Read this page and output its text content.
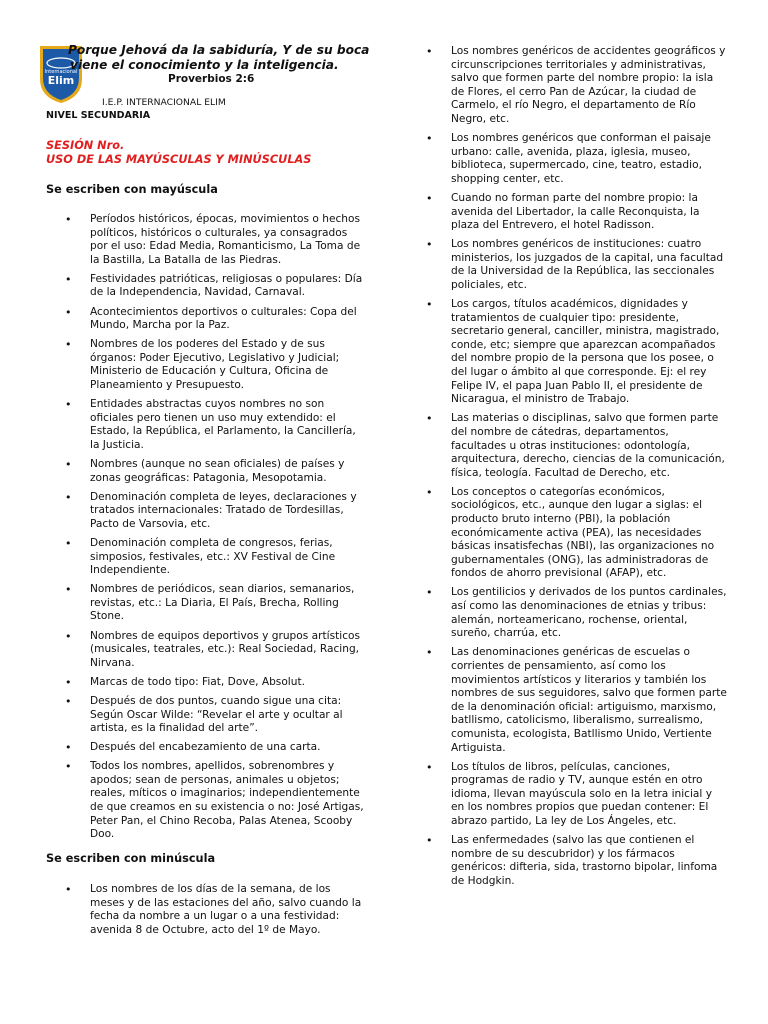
Internacional
Elim
Porque Jehová da la sabiduría, Y de su boca
viene el conocimiento y la inteligencia.
Proverbios 2:6
I.E.P. INTERNACIONAL ELIM
NIVEL SECUNDARIA
SESIÓN Nro.
USO DE LAS MAYÚSCULAS Y MINÚSCULAS
Se escriben con mayúscula
• Períodos históricos, épocas, movimientos o hechos políticos, históricos o culturales, ya consagrados por el uso: Edad Media, Romanticismo, La Toma de la Bastilla, La Batalla de las Piedras.
• Festividades patrióticas, religiosas o populares: Día de la Independencia, Navidad, Carnaval.
• Acontecimientos deportivos o culturales: Copa del Mundo, Marcha por la Paz.
• Nombres de los poderes del Estado y de sus órganos: Poder Ejecutivo, Legislativo y Judicial; Ministerio de Educación y Cultura, Oficina de Planeamiento y Presupuesto.
• Entidades abstractas cuyos nombres no son oficiales pero tienen un uso muy extendido: el Estado, la República, el Parlamento, la Cancillería, la Justicia.
• Nombres (aunque no sean oficiales) de países y zonas geográficas: Patagonia, Mesopotamia.
• Denominación completa de leyes, declaraciones y tratados internacionales: Tratado de Tordesillas, Pacto de Varsovia, etc.
• Denominación completa de congresos, ferias, simposios, festivales, etc.: XV Festival de Cine Independiente.
• Nombres de periódicos, sean diarios, semanarios, revistas, etc.: La Diaria, El País, Brecha, Rolling Stone.
• Nombres de equipos deportivos y grupos artísticos (musicales, teatrales, etc.): Real Sociedad, Racing, Nirvana.
• Marcas de todo tipo: Fiat, Dove, Absolut.
• Después de dos puntos, cuando sigue una cita: Según Oscar Wilde: “Revelar el arte y ocultar al artista, es la finalidad del arte”.
• Después del encabezamiento de una carta.
• Todos los nombres, apellidos, sobrenombres y apodos; sean de personas, animales u objetos; reales, míticos o imaginarios; independientemente de que creamos en su existencia o no: José Artigas, Peter Pan, el Chino Recoba, Palas Atenea, Scooby Doo.
Se escriben con minúscula
• Los nombres de los días de la semana, de los meses y de las estaciones del año, salvo cuando la fecha da nombre a un lugar o a una festividad: avenida 8 de Octubre, acto del 1º de Mayo.
• Los nombres genéricos de accidentes geográficos y circunscripciones territoriales y administrativas, salvo que formen parte del nombre propio: la isla de Flores, el cerro Pan de Azúcar, la ciudad de Carmelo, el río Negro, el departamento de Río Negro, etc.
• Los nombres genéricos que conforman el paisaje urbano: calle, avenida, plaza, iglesia, museo, biblioteca, supermercado, cine, teatro, estadio, shopping center, etc.
• Cuando no forman parte del nombre propio: la avenida del Libertador, la calle Reconquista, la plaza del Entrevero, el hotel Radisson.
• Los nombres genéricos de instituciones: cuatro ministerios, los juzgados de la capital, una facultad de la Universidad de la República, las seccionales policiales, etc.
• Los cargos, títulos académicos, dignidades y tratamientos de cualquier tipo: presidente, secretario general, canciller, ministra, magistrado, conde, etc; siempre que aparezcan acompañados del nombre propio de la persona que los posee, o del lugar o ámbito al que corresponde. Ej: el rey Felipe IV, el papa Juan Pablo II, el presidente de Nicaragua, el ministro de Trabajo.
• Las materias o disciplinas, salvo que formen parte del nombre de cátedras, departamentos, facultades u otras instituciones: odontología, arquitectura, derecho, ciencias de la comunicación, física, teología. Facultad de Derecho, etc.
• Los conceptos o categorías económicos, sociológicos, etc., aunque den lugar a siglas: el producto bruto interno (PBI), la población económicamente activa (PEA), las necesidades básicas insatisfechas (NBI), las organizaciones no gubernamentales (ONG), las administradoras de fondos de ahorro previsional (AFAP), etc.
• Los gentilicios y derivados de los puntos cardinales, así como las denominaciones de etnias y tribus: alemán, norteamericano, rochense, oriental, sureño, charrúa, etc.
• Las denominaciones genéricas de escuelas o corrientes de pensamiento, así como los movimientos artísticos y literarios y también los nombres de sus seguidores, salvo que formen parte de la denominación oficial: artiguismo, marxismo, batllismo, catolicismo, liberalismo, surrealismo, comunista, ecologista, Batllismo Unido, Vertiente Artiguista.
• Los títulos de libros, películas, canciones, programas de radio y TV, aunque estén en otro idioma, llevan mayúscula solo en la letra inicial y en los nombres propios que puedan contener: El abrazo partido, La ley de Los Ángeles, etc.
• Las enfermedades (salvo las que contienen el nombre de su descubridor) y los fármacos genéricos: difteria, sida, trastorno bipolar, linfoma de Hodgkin.
